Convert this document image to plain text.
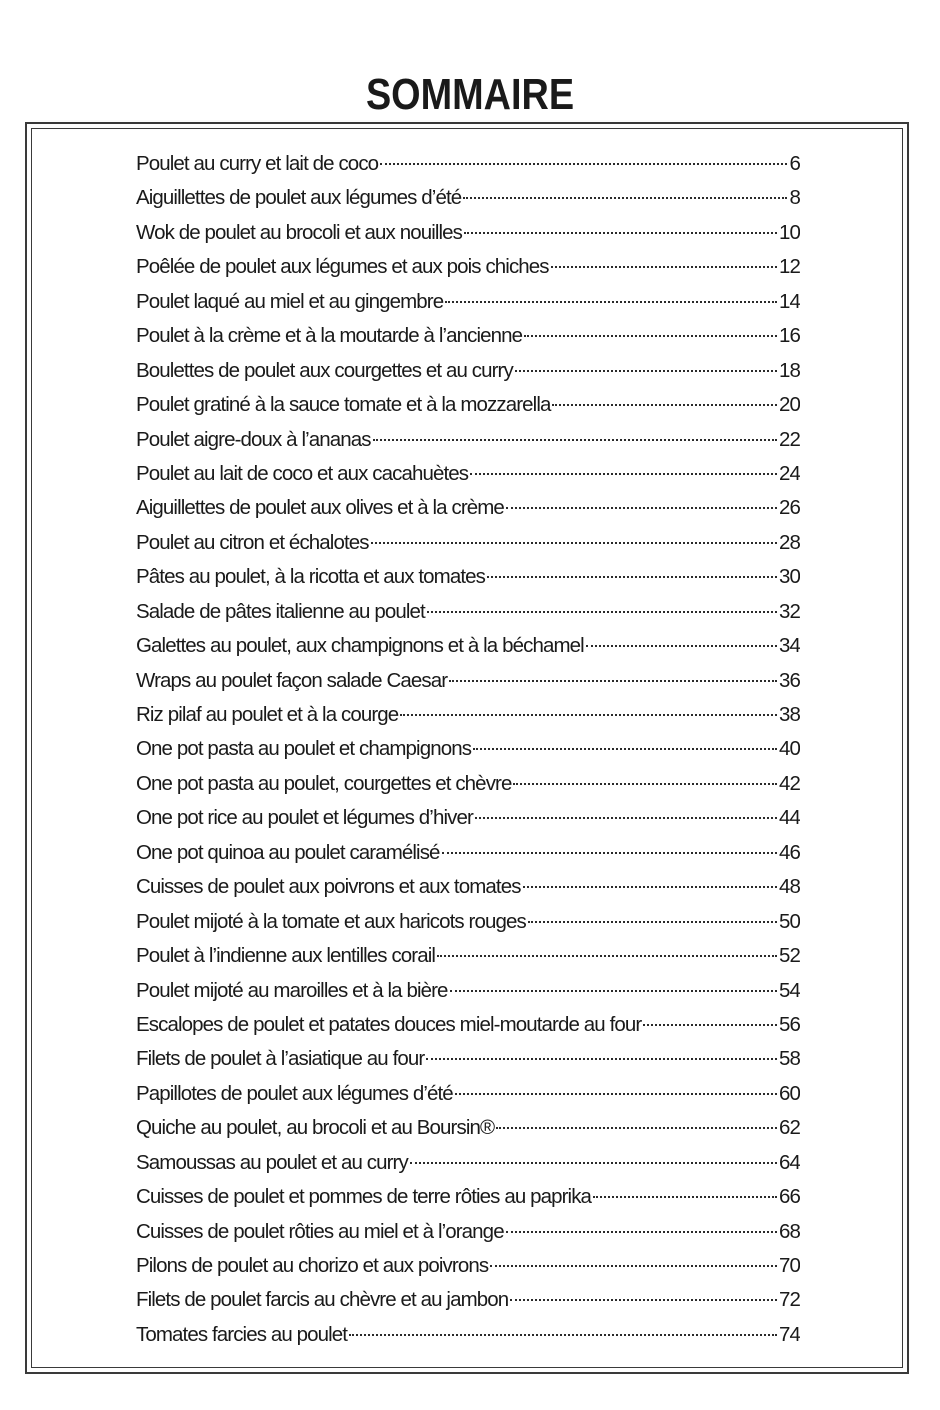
SOMMAIRE
Poulet au curry et lait de coco	6
Aiguillettes de poulet aux légumes d’été	8
Wok de poulet au brocoli et aux nouilles	10
Poêlée de poulet aux légumes et aux pois chiches	12
Poulet laqué au miel et au gingembre	14
Poulet à la crème et à la moutarde à l’ancienne	16
Boulettes de poulet aux courgettes et au curry	18
Poulet gratiné à la sauce tomate et à la mozzarella	20
Poulet aigre-doux à l’ananas	22
Poulet au lait de coco et aux cacahuètes	24
Aiguillettes de poulet aux olives et à la crème	26
Poulet au citron et échalotes	28
Pâtes au poulet, à la ricotta et aux tomates	30
Salade de pâtes italienne au poulet	32
Galettes au poulet, aux champignons et à la béchamel	34
Wraps au poulet façon salade Caesar	36
Riz pilaf au poulet et à la courge	38
One pot pasta au poulet et champignons	40
One pot pasta au poulet, courgettes et chèvre	42
One pot rice au poulet et légumes d’hiver	44
One pot quinoa au poulet caramélisé	46
Cuisses de poulet aux poivrons et aux tomates	48
Poulet mijoté à la tomate et aux haricots rouges	50
Poulet à l’indienne aux lentilles corail	52
Poulet mijoté au maroilles et à la bière	54
Escalopes de poulet et patates douces miel-moutarde au four	56
Filets de poulet à l’asiatique au four	58
Papillotes de poulet aux légumes d’été	60
Quiche au poulet, au brocoli et au Boursin®	62
Samoussas au poulet et au curry	64
Cuisses de poulet et pommes de terre rôties au paprika	66
Cuisses de poulet rôties au miel et à l’orange	68
Pilons de poulet au chorizo et aux poivrons	70
Filets de poulet farcis au chèvre et au jambon	72
Tomates farcies au poulet	74
